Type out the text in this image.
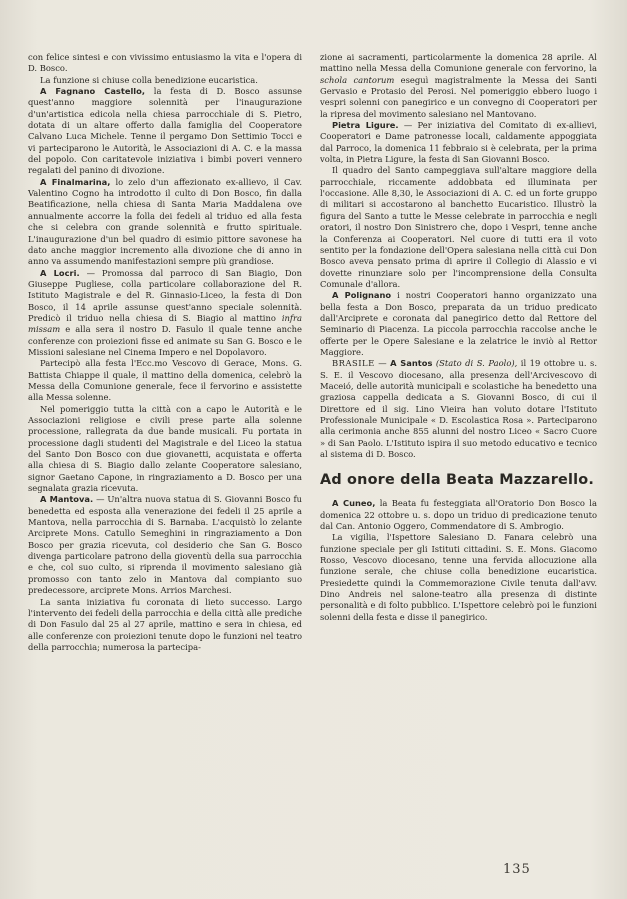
con felice sintesi e con vivissimo entusiasmo la vita e l'opera di D. Bosco.

La funzione si chiuse colla benedizione eucaristica.

A Fagnano Castello, la festa di D. Bosco assunse quest'anno maggiore solennità per l'inaugurazione d'un'artistica edicola nella chiesa parrocchiale di S. Pietro, dotata di un altare offerto dalla famiglia del Cooperatore Calvano Luca Michele. Tenne il pergamo Don Settimio Tocci e vi parteciparono le Autorità, le Associazioni di A. C. e la massa del popolo. Con caritatevole iniziativa i bimbi poveri vennero regalati del panino di divozione.

A Finalmarina, lo zelo d'un affezionato ex-allievo, il Cav. Valentino Cogno ha introdotto il culto di Don Bosco, fin dalla Beatificazione, nella chiesa di Santa Maria Maddalena ove annualmente accorre la folla dei fedeli al triduo ed alla festa che si celebra con grande solennità e frutto spirituale. L'inaugurazione d'un bel quadro di esimio pittore savonese ha dato anche maggior incremento alla divozione che di anno in anno va assumendo manifestazioni sempre più grandiose.

A Locri. — Promossa dal parroco di San Biagio, Don Giuseppe Pugliese, colla particolare collaborazione del R. Istituto Magistrale e del R. Ginnasio-Liceo, la festa di Don Bosco, il 14 aprile assunse quest'anno speciale solennità. Predicò il triduo nella chiesa di S. Biagio al mattino infra missam e alla sera il nostro D. Fasulo il quale tenne anche conferenze con proiezioni fisse ed animate su San G. Bosco e le Missioni salesiane nel Cinema Impero e nel Dopolavoro.

Partecipò alla festa l'Ecc.mo Vescovo di Gerace, Mons. G. Battista Chiappe il quale, il mattino della domenica, celebrò la Messa della Comunione generale, fece il fervorino e assistette alla Messa solenne.

Nel pomeriggio tutta la città con a capo le Autorità e le Associazioni religiose e civili prese parte alla solenne processione, rallegrata da due bande musicali. Fu portata in processione dagli studenti del Magistrale e del Liceo la statua del Santo Don Bosco con due giovanetti, acquistata e offerta alla chiesa di S. Biagio dallo zelante Cooperatore salesiano, signor Gaetano Capone, in ringraziamento a D. Bosco per una segnalata grazia ricevuta.

A Mantova. — Un'altra nuova statua di S. Giovanni Bosco fu benedetta ed esposta alla venerazione dei fedeli il 25 aprile a Mantova, nella parrocchia di S. Barnaba. L'acquistò lo zelante Arciprete Mons. Catullo Semeghini in ringraziamento a Don Bosco per grazia ricevuta, col desiderio che San G. Bosco divenga particolare patrono della gioventù della sua parrocchia e che, col suo culto, si riprenda il movimento salesiano già promosso con tanto zelo in Mantova dal compianto suo predecessore, arciprete Mons. Arrios Marchesi.

La santa iniziativa fu coronata di lieto successo. Largo l'intervento dei fedeli della parrocchia e della città alle prediche di Don Fasulo dal 25 al 27 aprile, mattino e sera in chiesa, ed alle conferenze con proiezioni tenute dopo le funzioni nel teatro della parrocchia; numerosa la partecipa-

zione ai sacramenti, particolarmente la domenica 28 aprile. Al mattino nella Messa della Comunione generale con fervorino, la schola cantorum eseguì magistralmente la Messa dei Santi Gervasio e Protasio del Perosi. Nel pomeriggio ebbero luogo i vespri solenni con panegirico e un convegno di Cooperatori per la ripresa del movimento salesiano nel Mantovano.

Pietra Ligure. — Per iniziativa del Comitato di ex-allievi, Cooperatori e Dame patronesse locali, caldamente appoggiata dal Parroco, la domenica 11 febbraio si è celebrata, per la prima volta, in Pietra Ligure, la festa di San Giovanni Bosco.

Il quadro del Santo campeggiava sull'altare maggiore della parrocchiale, riccamente addobbata ed illuminata per l'occasione. Alle 8,30, le Associazioni di A. C. ed un forte gruppo di militari si accostarono al banchetto Eucaristico. Illustrò la figura del Santo a tutte le Messe celebrate in parrocchia e negli oratori, il nostro Don Sinistrero che, dopo i Vespri, tenne anche la Conferenza ai Cooperatori. Nel cuore di tutti era il voto sentito per la fondazione dell'Opera salesiana nella città cui Don Bosco aveva pensato prima di aprire il Collegio di Alassio e vi dovette rinunziare solo per l'incomprensione della Consulta Comunale d'allora.

A Polignano i nostri Cooperatori hanno organizzato una bella festa a Don Bosco, preparata da un triduo predicato dall'Arciprete e coronata dal panegirico detto dal Rettore del Seminario di Piacenza. La piccola parrocchia raccolse anche le offerte per le Opere Salesiane e la zelatrice le inviò al Rettor Maggiore.

BRASILE — A Santos (Stato di S. Paolo), il 19 ottobre u. s. S. E. il Vescovo diocesano, alla presenza dell'Arcivescovo di Maceió, delle autorità municipali e scolastiche ha benedetto una graziosa cappella dedicata a S. Giovanni Bosco, di cui il Direttore ed il sig. Lino Vieira han voluto dotare l'Istituto Professionale Municipale « D. Escolastica Rosa ». Parteciparono alla cerimonia anche 855 alunni del nostro Liceo « Sacro Cuore » di San Paolo. L'Istituto ispira il suo metodo educativo e tecnico al sistema di D. Bosco.

Ad onore della Beata Mazzarello.

A Cuneo, la Beata fu festeggiata all'Oratorio Don Bosco la domenica 22 ottobre u. s. dopo un triduo di predicazione tenuto dal Can. Antonio Oggero, Commendatore di S. Ambrogio.

La vigilia, l'Ispettore Salesiano D. Fanara celebrò una funzione speciale per gli Istituti cittadini. S. E. Mons. Giacomo Rosso, Vescovo diocesano, tenne una fervida allocuzione alla funzione serale, che chiuse colla benedizione eucaristica. Presiedette quindi la Commemorazione Civile tenuta dall'avv. Dino Andreis nel salone-teatro alla presenza di distinte personalità e di folto pubblico. L'Ispettore celebrò poi le funzioni solenni della festa e disse il panegirico.

135
